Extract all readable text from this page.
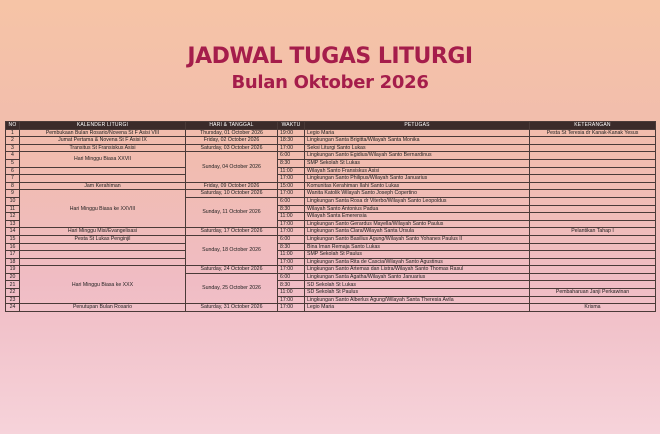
JADWAL TUGAS LITURGI
Bulan Oktober 2026
NO	KALENDER LITURGI	HARI & TANGGAL	WAKTU	PETUGAS	KETERANGAN
1	Pembukaan Bulan Rosario/Novena St F Asisi VIII	Thursday, 01 October 2026	19:00	Legio Maria	Pesta St Teresia dr Kanak-Kanak Yesus
2	Jumat Pertama & Novena St F Asisi IX	Friday, 02 October 2026	18:30	Lingkungan Santa Brigitta/Wilayah Santa Monika	
3	Transitus St Fransiskus Asisi	Saturday, 03 October 2026	17:00	Seksi Liturgi Santo Lukas	
4	Hari Minggu Biasa XXVII	Sunday, 04 October 2026	6:00	Lingkungan Santo Egidius/Wilayah Santo Bernardinus	
5			8:30	SMP Sekolah St Lukas	
6			11:00	Wilayah Santo Fransiskus Asisi	
7			17:00	Lingkungan Santo Philipus/Wilayah Santo Januarius	
8	Jam Kerahiman	Friday, 09 October 2026	15:00	Komunitas Kerahiman Ilahi Santo Lukas	
9	Hari Minggu Biasa ke XXVIII	Saturday, 10 October 2026	17:00	Wanita Katolik Wilayah Santo Joseph Copertino	
10		Sunday, 11 October 2026	6:00	Lingkungan Santa Rosa dr Viterbo/Wilayah Santo Leopoldus	
11			8:30	Wilayah Santo Antonius Padua	
12			11:00	Wilayah Santa Emerensia	
13			17:00	Lingkungan Santo Gerardus Mayella/Wilayah Santo Paulus	
14	Hari Minggu Misi/Evangelisasi	Saturday, 17 October 2026	17:00	Lingkungan Santa Clara/Wilayah Santa Ursula	Pelantikan Tahap I
15	Pesta St Lukas Penginjil	Sunday, 18 October 2026	6:00	Lingkungan Santo Basilius Agung/Wilayah Santo Yohanes Paulus II	
16			8:30	Bina Iman Remaja Santo Lukas	
17			11:00	SMP Sekolah St Paulus	
18			17:00	Lingkungan Santa Rita de Cascia/Wilayah Santo Agustinus	
19	Hari Minggu Biasa ke XXX	Saturday, 24 October 2026	17:00	Lingkungan Santo Artemas dan Listra/Wilayah Santo Thomas Rasul	
20		Sunday, 25 October 2026	6:00	Lingkungan Santa Agatha/Wilayah Santo Januarius	
21			8:30	SD Sekolah St Lukas	
22			11:00	SD Sekolah St Paulus	Pembaharuan Janji Perkawinan
23			17:00	Lingkungan Santo Alberlus Agung/Wilayah Santa Theresia Avila	
24	Penutupan Bulan Rosario	Saturday, 31 October 2026	17:00	Legio Maria	Krisma
